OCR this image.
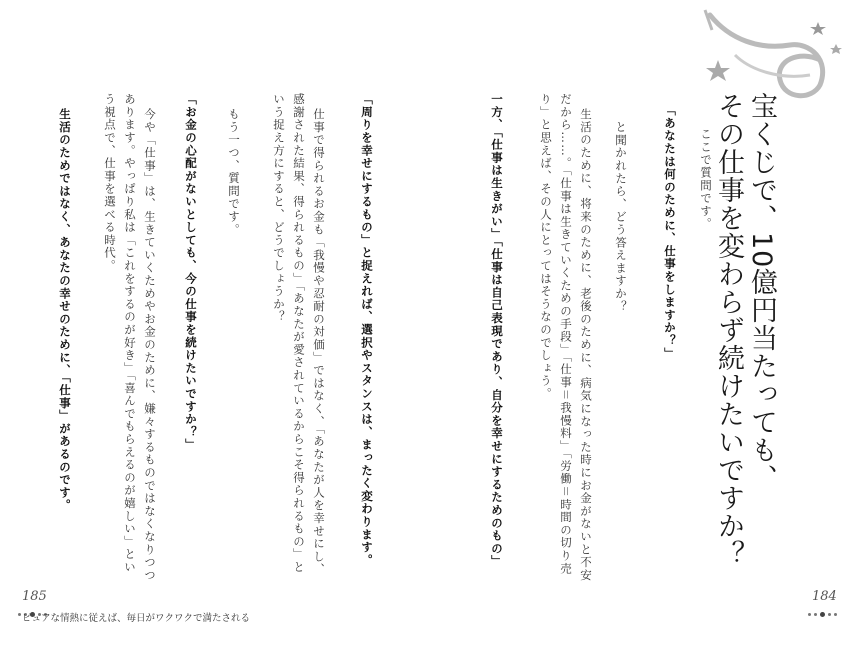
宝くじで、10億円当たっても、
その仕事を変わらず続けたいですか？
ここで質問です。
「あなたは何のために、仕事をしますか？」
と聞かれたら、どう答えますか？
生活のために、将来のために、老後のために、病気になった時にお金がないと不安
だから……。「仕事は生きていくための手段」「仕事＝我慢料」「労働＝時間の切り売
り」と思えば、その人にとってはそうなのでしょう。
一方、「仕事は生きがい」「仕事は自己表現であり、自分を幸せにするためのもの」
「周りを幸せにするもの」と捉えれば、選択やスタンスは、まったく変わります。
仕事で得られるお金も「我慢や忍耐の対価」ではなく、「あなたが人を幸せにし、
感謝された結果、得られるもの」「あなたが愛されているからこそ得られるもの」と
いう捉え方にすると、どうでしょうか？
もう一つ、質問です。
「お金の心配がないとしても、今の仕事を続けたいですか？」
今や「仕事」は、生きていくためやお金のために、嫌々するものではなくなりつつ
あります。やっぱり私は「これをするのが好き」「喜んでもらえるのが嬉しい」とい
う視点で、仕事を選べる時代。
生活のためではなく、あなたの幸せのために、「仕事」があるのです。
184
185
ピュアな情熱に従えば、毎日がワクワクで満たされる
